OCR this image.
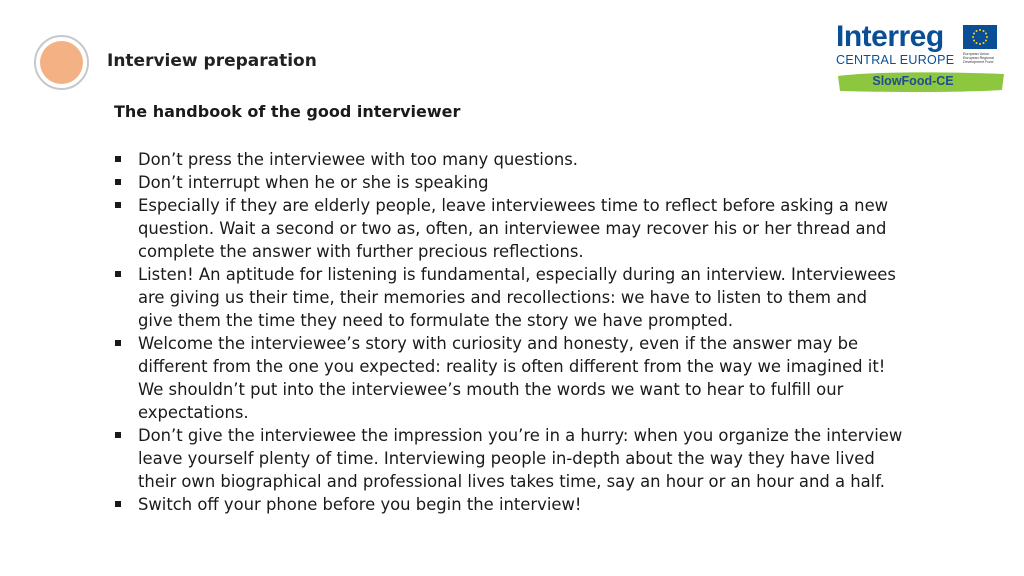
Interview preparation
Interreg
CENTRAL EUROPE European Union European Regional Development Fund
SlowFood-CE
The handbook of the good interviewer
Don’t press the interviewee with too many questions.
Don’t interrupt when he or she is speaking
Especially if they are elderly people, leave interviewees time to reflect before asking a new question. Wait a second or two as, often, an interviewee may recover his or her thread and complete the answer with further precious reflections.
Listen! An aptitude for listening is fundamental, especially during an interview. Interviewees are giving us their time, their memories and recollections: we have to listen to them and give them the time they need to formulate the story we have prompted.
Welcome the interviewee’s story with curiosity and honesty, even if the answer may be different from the one you expected: reality is often different from the way we imagined it! We shouldn’t put into the interviewee’s mouth the words we want to hear to fulfill our expectations.
Don’t give the interviewee the impression you’re in a hurry: when you organize the interview leave yourself plenty of time. Interviewing people in-depth about the way they have lived their own biographical and professional lives takes time, say an hour or an hour and a half.
Switch off your phone before you begin the interview!
